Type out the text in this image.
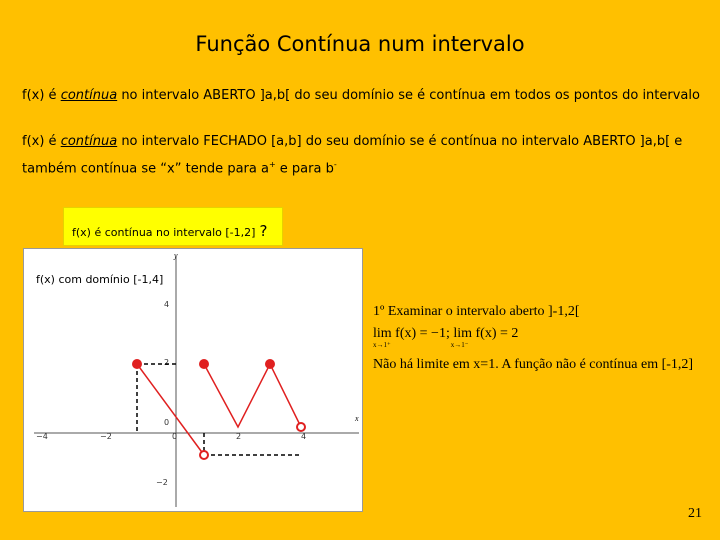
Função Contínua num intervalo
f(x) é contínua no intervalo ABERTO ]a,b[ do seu domínio se é contínua em todos os pontos do intervalo
f(x) é contínua no intervalo FECHADO [a,b] do seu domínio se é contínua no intervalo ABERTO ]a,b[ e
também contínua se “x” tende para a+ e para b-
f(x) é contínua no intervalo [-1,2] ?
f(x) com domínio [-1,4]
y
x
−4	−2	0	2	4
4
2
0
−2
1º Examinar o intervalo aberto ]-1,2[
lim f(x) = −1; lim f(x) = 2
x→1⁺	x→1⁻
Não há limite em x=1. A função não é contínua em [-1,2]
21
